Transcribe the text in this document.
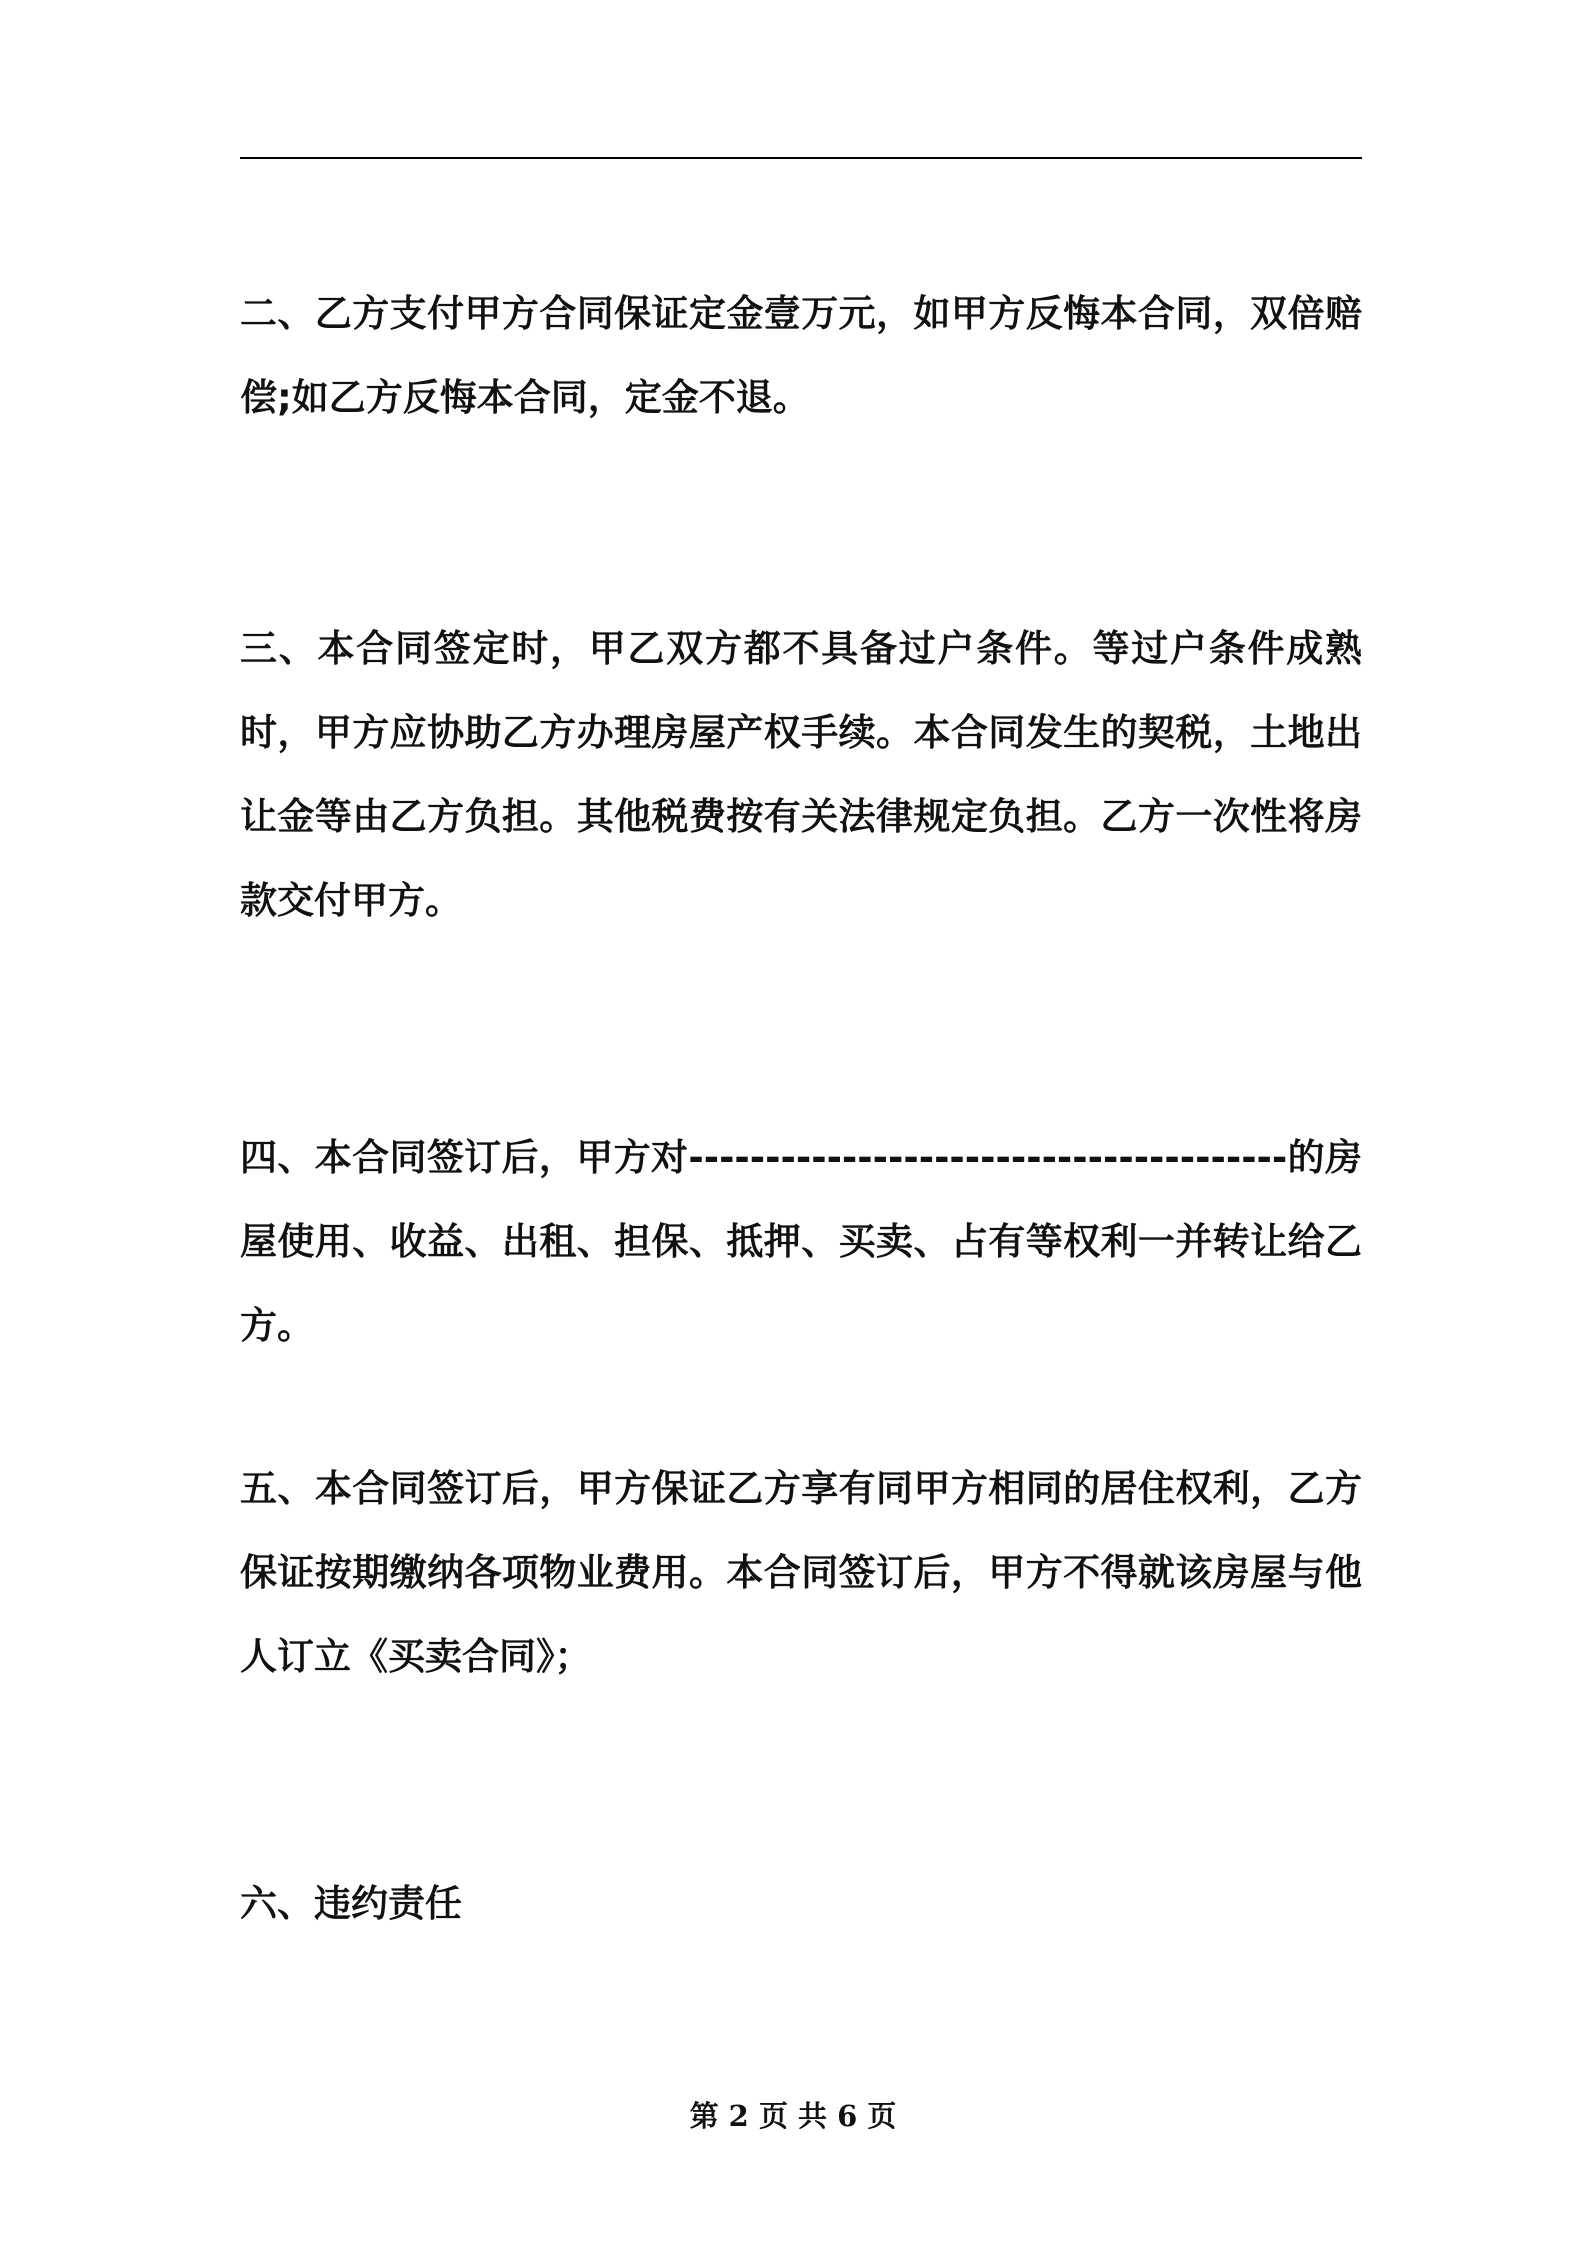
二、乙方支付甲方合同保证定金壹万元，如甲方反悔本合同，双倍赔偿;如乙方反悔本合同，定金不退。

三、本合同签定时，甲乙双方都不具备过户条件。等过户条件成熟时，甲方应协助乙方办理房屋产权手续。本合同发生的契税，土地出让金等由乙方负担。其他税费按有关法律规定负担。乙方一次性将房款交付甲方。

四、本合同签订后，甲方对---------------------------------------的房屋使用、收益、出租、担保、抵押、买卖、占有等权利一并转让给乙方。

五、本合同签订后，甲方保证乙方享有同甲方相同的居住权利，乙方保证按期缴纳各项物业费用。本合同签订后，甲方不得就该房屋与他人订立《买卖合同》；

六、违约责任

第 2 页 共 6 页
